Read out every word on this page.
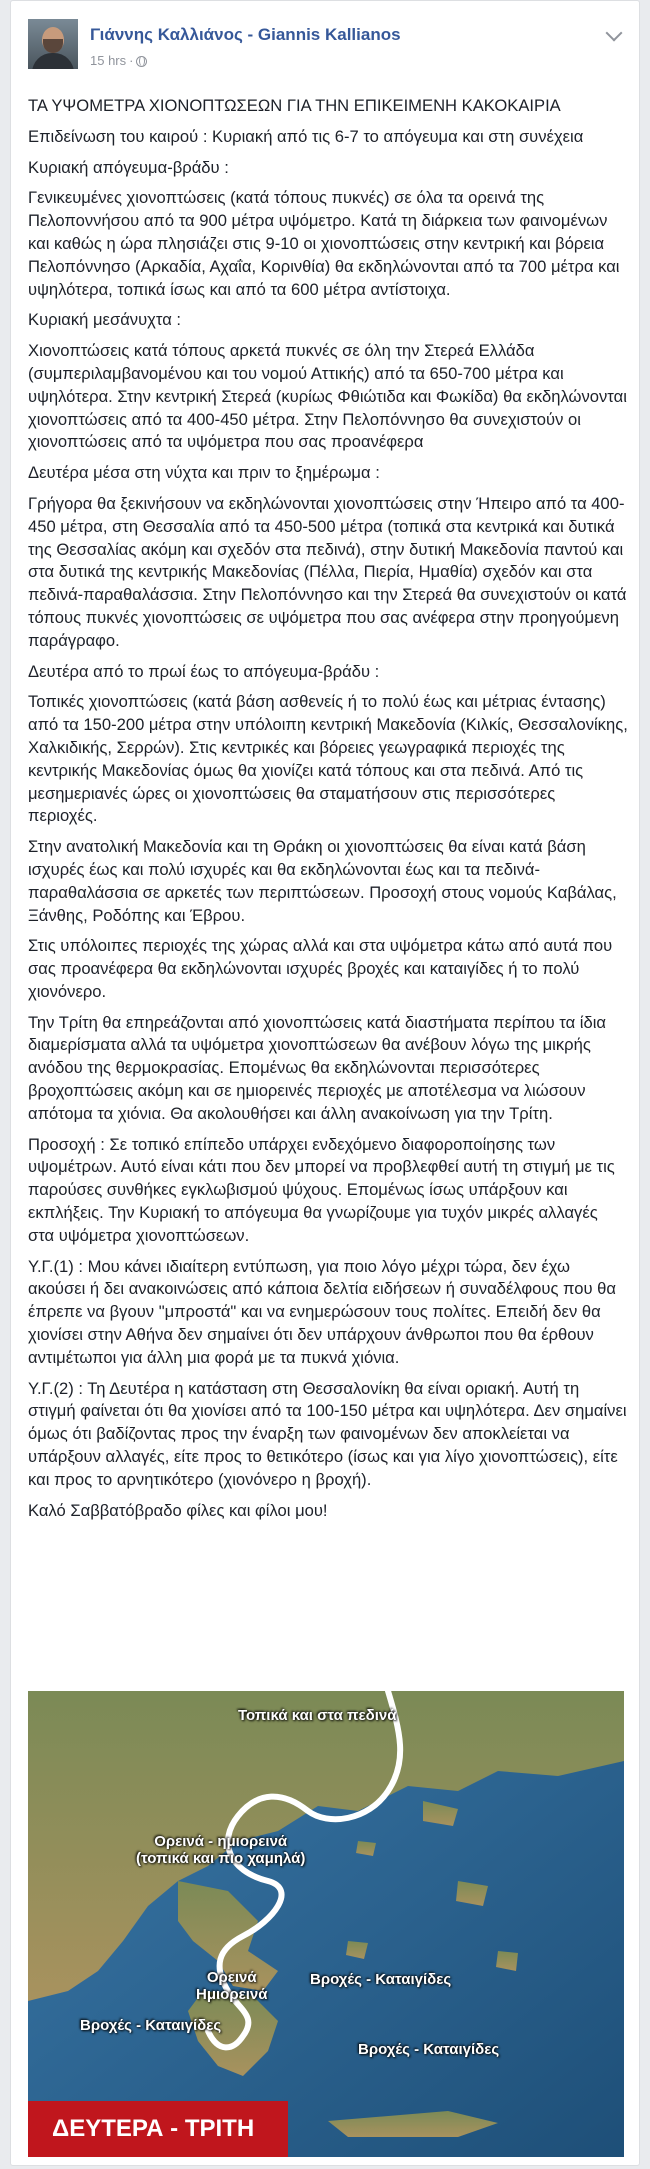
Γιάννης Καλλιάνος - Giannis Kallianos
15 hrs ·

ΤΑ ΥΨΟΜΕΤΡΑ ΧΙΟΝΟΠΤΩΣΕΩΝ ΓΙΑ ΤΗΝ ΕΠΙΚΕΙΜΕΝΗ ΚΑΚΟΚΑΙΡΙΑ

Επιδείνωση του καιρού : Κυριακή από τις 6-7 το απόγευμα και στη συνέχεια

Κυριακή απόγευμα-βράδυ :

Γενικευμένες χιονοπτώσεις (κατά τόπους πυκνές) σε όλα τα ορεινά της Πελοποννήσου από τα 900 μέτρα υψόμετρο. Κατά τη διάρκεια των φαινομένων και καθώς η ώρα πλησιάζει στις 9-10 οι χιονοπτώσεις στην κεντρική και βόρεια Πελοπόννησο (Αρκαδία, Αχαΐα, Κορινθία) θα εκδηλώνονται από τα 700 μέτρα και υψηλότερα, τοπικά ίσως και από τα 600 μέτρα αντίστοιχα.

Κυριακή μεσάνυχτα :

Χιονοπτώσεις κατά τόπους αρκετά πυκνές σε όλη την Στερεά Ελλάδα (συμπεριλαμβανομένου και του νομού Αττικής) από τα 650-700 μέτρα και υψηλότερα. Στην κεντρική Στερεά (κυρίως Φθιώτιδα και Φωκίδα) θα εκδηλώνονται χιονοπτώσεις από τα 400-450 μέτρα. Στην Πελοπόννησο θα συνεχιστούν οι χιονοπτώσεις από τα υψόμετρα που σας προανέφερα

Δευτέρα μέσα στη νύχτα και πριν το ξημέρωμα :

Γρήγορα θα ξεκινήσουν να εκδηλώνονται χιονοπτώσεις στην Ήπειρο από τα 400-450 μέτρα, στη Θεσσαλία από τα 450-500 μέτρα (τοπικά στα κεντρικά και δυτικά της Θεσσαλίας ακόμη και σχεδόν στα πεδινά), στην δυτική Μακεδονία παντού και στα δυτικά της κεντρικής Μακεδονίας (Πέλλα, Πιερία, Ημαθία) σχεδόν και στα πεδινά-παραθαλάσσια. Στην Πελοπόννησο και την Στερεά θα συνεχιστούν οι κατά τόπους πυκνές χιονοπτώσεις σε υψόμετρα που σας ανέφερα στην προηγούμενη παράγραφο.

Δευτέρα από το πρωί έως το απόγευμα-βράδυ :

Τοπικές χιονοπτώσεις (κατά βάση ασθενείς ή το πολύ έως και μέτριας έντασης) από τα 150-200 μέτρα στην υπόλοιπη κεντρική Μακεδονία (Κιλκίς, Θεσσαλονίκης, Χαλκιδικής, Σερρών). Στις κεντρικές και βόρειες γεωγραφικά περιοχές της κεντρικής Μακεδονίας όμως θα χιονίζει κατά τόπους και στα πεδινά. Από τις μεσημεριανές ώρες οι χιονοπτώσεις θα σταματήσουν στις περισσότερες περιοχές.

Στην ανατολική Μακεδονία και τη Θράκη οι χιονοπτώσεις θα είναι κατά βάση ισχυρές έως και πολύ ισχυρές και θα εκδηλώνονται έως και τα πεδινά-παραθαλάσσια σε αρκετές των περιπτώσεων. Προσοχή στους νομούς Καβάλας, Ξάνθης, Ροδόπης και Έβρου.

Στις υπόλοιπες περιοχές της χώρας αλλά και στα υψόμετρα κάτω από αυτά που σας προανέφερα θα εκδηλώνονται ισχυρές βροχές και καταιγίδες ή το πολύ χιονόνερο.

Την Τρίτη θα επηρεάζονται από χιονοπτώσεις κατά διαστήματα περίπου τα ίδια διαμερίσματα αλλά τα υψόμετρα χιονοπτώσεων θα ανέβουν λόγω της μικρής ανόδου της θερμοκρασίας. Επομένως θα εκδηλώνονται περισσότερες βροχοπτώσεις ακόμη και σε ημιορεινές περιοχές με αποτέλεσμα να λιώσουν απότομα τα χιόνια. Θα ακολουθήσει και άλλη ανακοίνωση για την Τρίτη.

Προσοχή : Σε τοπικό επίπεδο υπάρχει ενδεχόμενο διαφοροποίησης των υψομέτρων. Αυτό είναι κάτι που δεν μπορεί να προβλεφθεί αυτή τη στιγμή με τις παρούσες συνθήκες εγκλωβισμού ψύχους. Επομένως ίσως υπάρξουν και εκπλήξεις. Την Κυριακή το απόγευμα θα γνωρίζουμε για τυχόν μικρές αλλαγές στα υψόμετρα χιονοπτώσεων.

Υ.Γ.(1) : Μου κάνει ιδιαίτερη εντύπωση, για ποιο λόγο μέχρι τώρα, δεν έχω ακούσει ή δει ανακοινώσεις από κάποια δελτία ειδήσεων ή συναδέλφους που θα έπρεπε να βγουν "μπροστά" και να ενημερώσουν τους πολίτες. Επειδή δεν θα χιονίσει στην Αθήνα δεν σημαίνει ότι δεν υπάρχουν άνθρωποι που θα έρθουν αντιμέτωποι για άλλη μια φορά με τα πυκνά χιόνια.

Υ.Γ.(2) : Τη Δευτέρα η κατάσταση στη Θεσσαλονίκη θα είναι οριακή. Αυτή τη στιγμή φαίνεται ότι θα χιονίσει από τα 100-150 μέτρα και υψηλότερα. Δεν σημαίνει όμως ότι βαδίζοντας προς την έναρξη των φαινομένων δεν αποκλείεται να υπάρξουν αλλαγές, είτε προς το θετικότερο (ίσως και για λίγο χιονοπτώσεις), είτε και προς το αρνητικότερο (χιονόνερο η βροχή).

Καλό Σαββατόβραδο φίλες και φίλοι μου!

Τοπικά και στα πεδινά
Ορεινά - ημιορεινά
(τοπικά και πιο χαμηλά)
Ορεινά
Ημιορεινά
Βροχές - Καταιγίδες
Βροχές - Καταιγίδες
Βροχές - Καταιγίδες
ΔΕΥΤΕΡΑ - ΤΡΙΤΗ
